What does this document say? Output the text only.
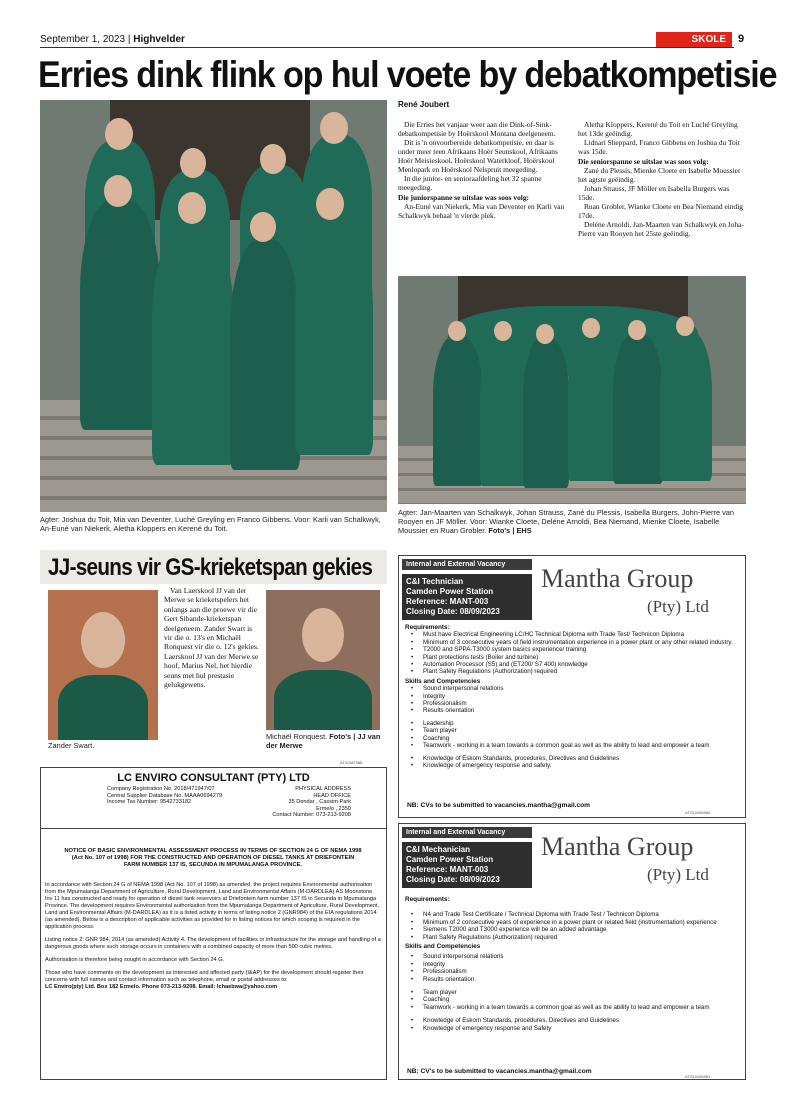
September 1, 2023 | Highvelder	SKOLE	9
Erries dink flink op hul voete by debatkompetisie
Agter: Joshua du Toit, Mia van Deventer, Luché Greyling en Franco Gibbens. Voor: Karli van Schalkwyk, An-Euné van Niekerk, Aletha Kloppers en Kerené du Toit.
René Joubert

Die Erries het vanjaar weer aan die Dink-of-Sink-debatkompetisie by Hoërskool Montana deelgeneem.

Dit is 'n onvoorbereide debatkompetisie, en daar is onder meer teen Afrikaans Hoër Seunskool, Afrikaans Hoër Meisieskool, Hoërskool Waterkloof, Hoërskool Menlopark en Hoërskool Nelspruit meegeding.

In die junior- en senioraafdeling het 32 spanne meegeding.

Die juniorspanne se uitslae was soos volg:

An-Euné van Niekerk, Mia van Deventer en Karli van Schalkwyk behaal 'n vierde plek.

Aletha Kloppers, Kerené du Toit en Luché Greyling het 13de geëindig.

Lidnari Sheppard, Franco Gibbens en Joshua du Toit was 15de.

Die seniorspanne se uitslae was soos volg:

Zané du Plessis, Mienke Cloete en Isabelle Moussier het agtste geëindig.

Johan Strauss, JF Möller en Isabella Burgers was 15de.

Ruan Grobler, Wianke Cloete en Bea Niemand eindig 17de.

Deléne Arnoldi, Jan-Maarten van Schalkwyk en Joha-Pierre van Rooyen het 25ste geëindig.

Agter: Jan-Maarten van Schalkwyk, Johan Strauss, Zané du Plessis, Isabella Burgers, John-Pierre van Rooyen en JF Möller. Voor: Wianke Cloete, Deléne Arnoldi, Bea Niemand, Mienke Cloete, Isabelle Moussier en Ruan Grobler. Foto's | EHS
JJ-seuns vir GS-krieketspan gekies
Zander Swart.
Van Laerskool JJ van der Merwe se krieketspelers het onlangs aan die proewe vir die Gert Sibande-krieketspan deelgeneem. Zander Swart is vir die o. 13's en Michaël Ronquest vir die o. 12's gekies. Laerskool JJ van der Merwe se hoof, Marius Nel, het hierdie seuns met hul prestasie gelukgewens.
Michaël Ronquest. Foto's | JJ van der Merwe
AT11087388
LC ENVIRO CONSULTANT (PTY) LTD
Company Registration No. 2018/471947/07
Central Supplier Database No. MAAA0694279
Income Tax Number: 9542733182
PHYSICAL ADDRESS
HEAD OFFICE
35 Dendar , Cassim Park
Ermelo , 2350
Contact Number: 073-213-9208
NOTICE OF BASIC ENVIRONMENTAL ASSESSMENT PROCESS IN TERMS OF SECTION 24 G OF NEMA 1998 (Act No. 107 of 1998) FOR THE CONSTRUCTED AND OPERATION OF DIESEL TANKS AT DRIEFONTEIN FARM NUMBER 137 IS, SECUNDA IN MPUMALANGA PROVINCE.

In accordance with Section 24 G of NEMA 1998 (Act No. 107 of 1998) as amended, the project requires Environmental authorisation from the Mpumalanga Department of Agriculture, Rural Development, Land and Environmental Affairs (M-DARDLEA) AS Moonstone Inv 11 has constructed and ready for operation of diesel tank reservoirs at Driefontein farm number 137 IS in Secunda in Mpumalanga Province. The development requires Environmental authorisation from the Mpumalanga Department of Agriculture, Rural Development, Land and Environmental Affairs (M-DARDLEA) as it is a listed activity in terms of listing notice 2 (GNR984) of the EIA regulations 2014 (as amended). Below is a description of applicable activities as provided for in listing notices for which scoping is required in the application process.

Listing notice 2: GNR 984, 2014 (as amended) Activity 4. The development of facilities or infrastructure for the storage and handling of a dangerous goods where such storage occurs in containers with a combined capacity of more than 500 cubic metres.

Authorisation is therefore being sought in accordance with Section 24 G.

Those who have comments on the development as interested and affected party (I&AP) for the development should register their concerns with full names and contact information such as telephone, email or postal addresses to:

LC Enviro(pty) Ltd. Box 182 Ermelo. Phone 073-213-9208. Email: lchaebwa@yahoo.com

Internal and External Vacancy
C&I Technician
Camden Power Station
Reference: MANT-003
Closing Date: 08/09/2023
Mantha Group
(Pty) Ltd
Requirements:
• Must have Electrical Engineering LC/HC Technical Diploma with Trade Test/ Technicon Diploma
• Minimum of 3 consecutive years of field instrumentation experience in a power plant or any other related industry.
• T2000 and SPPA-T3000 system basics experience/ training
• Plant protections tests (Boiler and turbine)
• Automation Processor (S5) and (ET200/ S7 400) knowledge
• Plant Safety Regulations (Authorization) required
Skills and Competencies
• Sound interpersonal relations
• Integrity
• Professionalism
• Results orientation
• Leadership
• Team player
• Coaching
• Teamwork - working in a team towards a common goal as well as the ability to lead and empower a team
• Knowledge of Eskom Standards, procedures, Directives and Guidelines
• Knowledge of emergency response and safety.
NB: CVs to be submitted to vacancies.mantha@gmail.com
ATS10166984
Internal and External Vacancy
C&I Mechanician
Camden Power Station
Reference: MANT-003
Closing Date: 08/09/2023
Mantha Group
(Pty) Ltd
Requirements:
• N4 and Trade Test Certificate / Technical Diploma with Trade Test / Technicon Diploma
• Minimum of 2 consecutive years of experience in a power plant or related field (instrumentation) experience
• Siemens T2000 and T3000 experience will be an added advantage
• Plant Safety Regulations (Authorization) required
Skills and Competencies
• Sound interpersonal relations
• Integrity
• Professionalism
• Results orientation
• Team player
• Coaching
• Teamwork - working in a team towards a common goal as well as the ability to lead and empower a team
• Knowledge of Eskom Standards, procedures, Directives and Guidelines
• Knowledge of emergency response and Safety
NB: CV's to be submitted to vacancies.mantha@gmail.com
ATS10166981
